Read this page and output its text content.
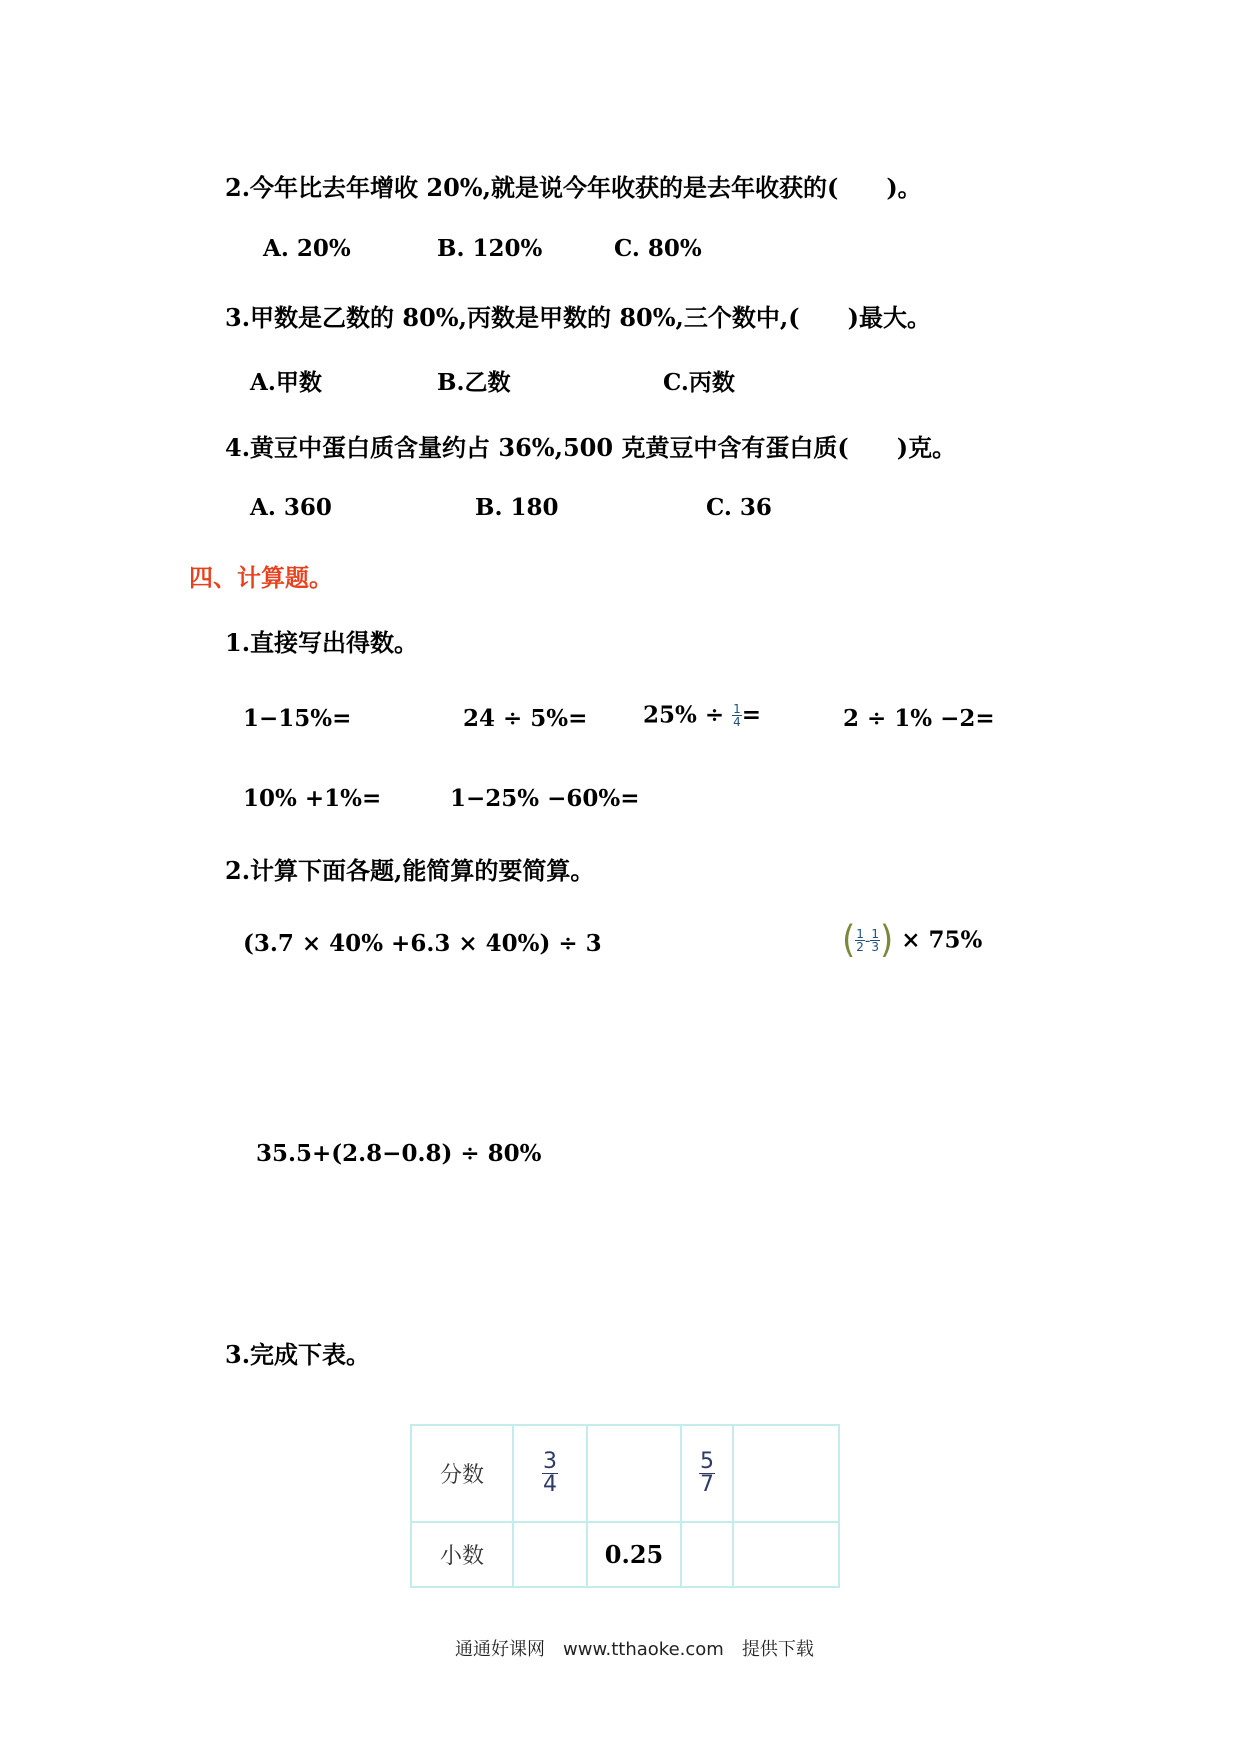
2.今年比去年增收 20%,就是说今年收获的是去年收获的(　　)。
A. 20%	B. 120%	C. 80%
3.甲数是乙数的 80%,丙数是甲数的 80%,三个数中,(　　)最大。
A.甲数	B.乙数	C.丙数
4.黄豆中蛋白质含量约占 36%,500 克黄豆中含有蛋白质(　　)克。
A. 360	B. 180	C. 36
四、计算题。
1.直接写出得数。
1−15%=	$24 \div 5\%= 25\% \div \frac{1}{4}$ =	2 ÷ 1% −2=
10% +1%=	1−25% −60%=
2.计算下面各题,能简算的要简算。
(3.7 × 40% +6.3 × 40%) ÷ 3	( $\frac{1}{2} - \frac{1}{3}$ ) × 75%
35.5+(2.8−0.8) ÷ 80%
3.完成下表。
分数	$\frac{3}{4}$		$\frac{5}{7}$

小数		0.25		
通通好课网　www.tthaoke.com　提供下载
